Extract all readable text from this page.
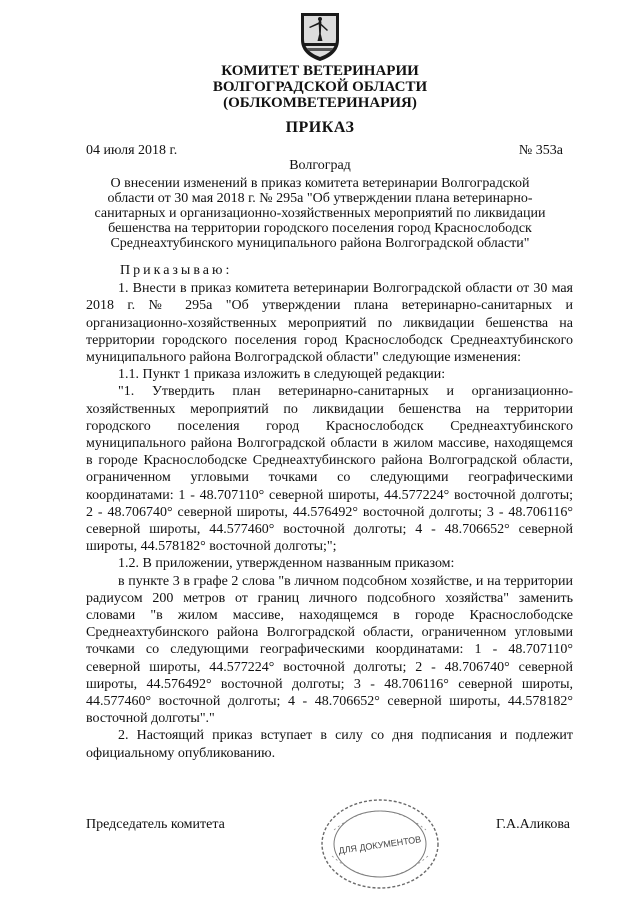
КОМИТЕТ ВЕТЕРИНАРИИ
ВОЛГОГРАДСКОЙ ОБЛАСТИ
(ОБЛКОМВЕТЕРИНАРИЯ)
ПРИКАЗ
04 июля 2018 г.	№ 353а
Волгоград
О внесении изменений в приказ комитета ветеринарии Волгоградской области от 30 мая 2018 г. № 295а "Об утверждении плана ветеринарно-санитарных и организационно-хозяйственных мероприятий по ликвидации бешенства на территории городского поселения город Краснослободск Среднеахтубинского муниципального района Волгоградской области"

Приказываю:

1. Внести в приказ комитета ветеринарии Волгоградской области от 30 мая 2018 г. № 295а "Об утверждении плана ветеринарно-санитарных и организационно-хозяйственных мероприятий по ликвидации бешенства на территории городского поселения город Краснослободск Среднеахтубинского муниципального района Волгоградской области" следующие изменения:

1.1. Пункт 1 приказа изложить в следующей редакции:

"1. Утвердить план ветеринарно-санитарных и организационно-хозяйственных мероприятий по ликвидации бешенства на территории городского поселения город Краснослободск Среднеахтубинского муниципального района Волгоградской области в жилом массиве, находящемся в городе Краснослободске Среднеахтубинского района Волгоградской области, ограниченном угловыми точками со следующими географическими координатами: 1 - 48.707110° северной широты, 44.577224° восточной долготы; 2 - 48.706740° северной широты, 44.576492° восточной долготы; 3 - 48.706116° северной широты, 44.577460° восточной долготы; 4 - 48.706652° северной широты, 44.578182° восточной долготы;";

1.2. В приложении, утвержденном названным приказом:

в пункте 3 в графе 2 слова "в личном подсобном хозяйстве, и на территории радиусом 200 метров от границ личного подсобного хозяйства" заменить словами "в жилом массиве, находящемся в городе Краснослободске Среднеахтубинского района Волгоградской области, ограниченном угловыми точками со следующими географическими координатами: 1 - 48.707110° северной широты, 44.577224° восточной долготы; 2 - 48.706740° северной широты, 44.576492° восточной долготы; 3 - 48.706116° северной широты, 44.577460° восточной долготы; 4 - 48.706652° северной широты, 44.578182° восточной долготы"."

2. Настоящий приказ вступает в силу со дня подписания и подлежит официальному опубликованию.

Председатель комитета	Г.А.Аликова
ДЛЯ ДОКУМЕНТОВ
